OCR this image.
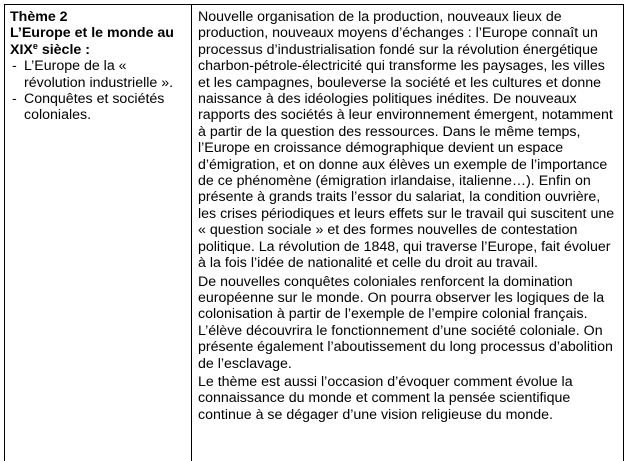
Thème 2
L’Europe et le monde au XIXe siècle :
- L’Europe de la « révolution industrielle ».
- Conquêtes et sociétés coloniales.

Nouvelle organisation de la production, nouveaux lieux de production, nouveaux moyens d’échanges : l’Europe connaît un processus d’industrialisation fondé sur la révolution énergétique charbon-pétrole-électricité qui transforme les paysages, les villes et les campagnes, bouleverse la société et les cultures et donne naissance à des idéologies politiques inédites. De nouveaux rapports des sociétés à leur environnement émergent, notamment à partir de la question des ressources. Dans le même temps, l’Europe en croissance démographique devient un espace d’émigration, et on donne aux élèves un exemple de l’importance de ce phénomène (émigration irlandaise, italienne…). Enfin on présente à grands traits l’essor du salariat, la condition ouvrière, les crises périodiques et leurs effets sur le travail qui suscitent une « question sociale » et des formes nouvelles de contestation politique. La révolution de 1848, qui traverse l’Europe, fait évoluer à la fois l’idée de nationalité et celle du droit au travail.

De nouvelles conquêtes coloniales renforcent la domination européenne sur le monde. On pourra observer les logiques de la colonisation à partir de l’exemple de l’empire colonial français. L’élève découvrira le fonctionnement d’une société coloniale. On présente également l’aboutissement du long processus d’abolition de l’esclavage.

Le thème est aussi l’occasion d’évoquer comment évolue la connaissance du monde et comment la pensée scientifique continue à se dégager d’une vision religieuse du monde.
